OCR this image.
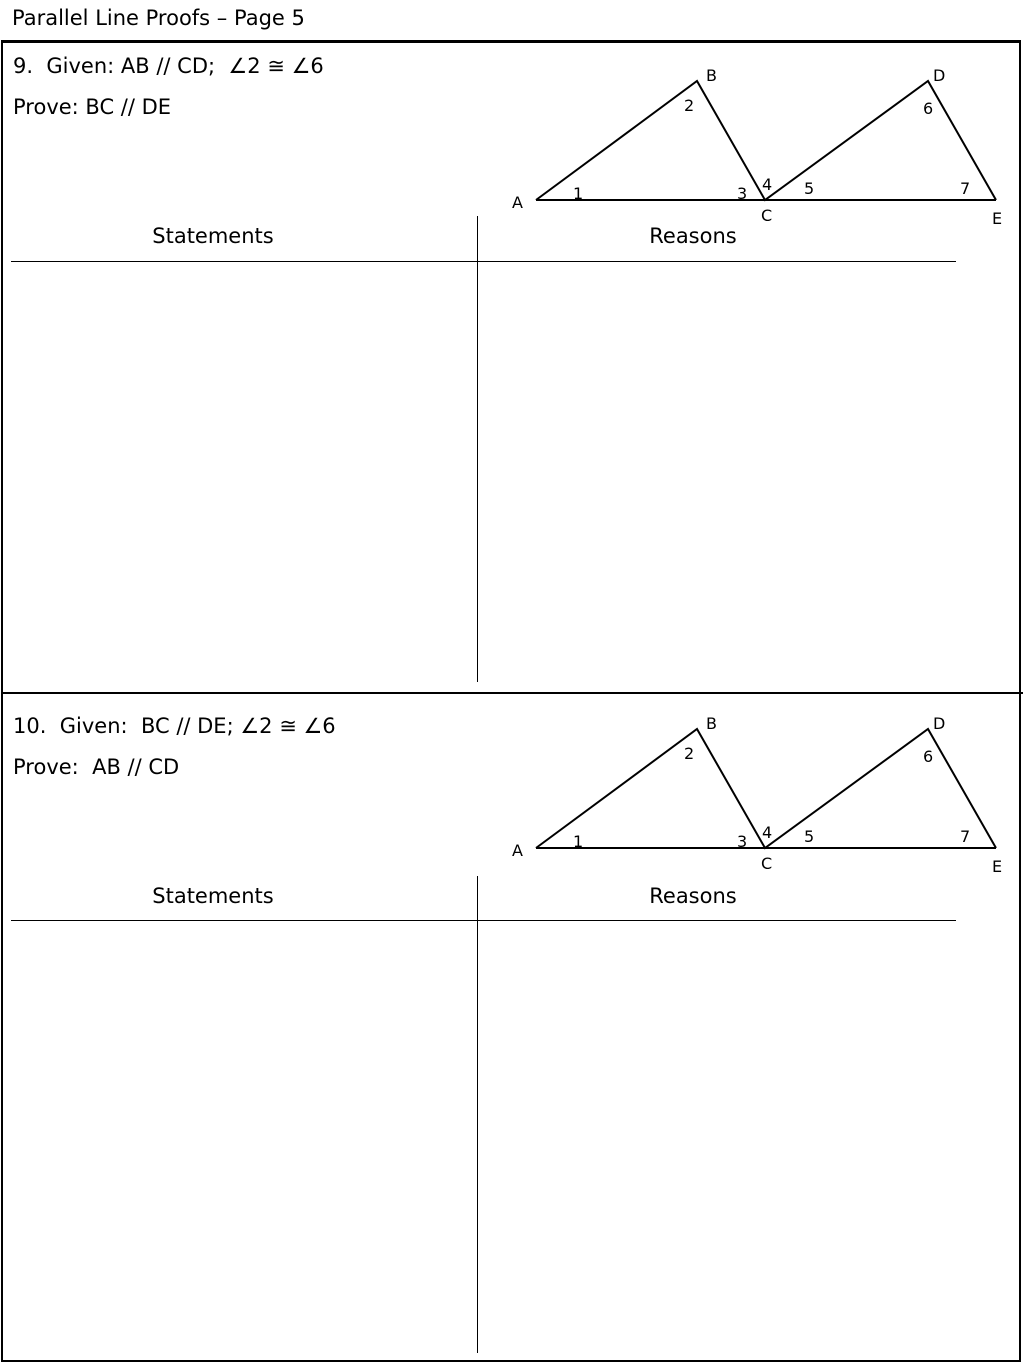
Parallel Line Proofs – Page 5
9.  Given: AB // CD;  ∠2 ≅ ∠6
Prove: BC // DE
A
B
C
D
E
1
2
3 4 5
6
7
Statements	Reasons
10.  Given:  BC // DE; ∠2 ≅ ∠6
Prove:  AB // CD
A
B
C
D
E
1
2
3 4 5
6
7
Statements	Reasons
